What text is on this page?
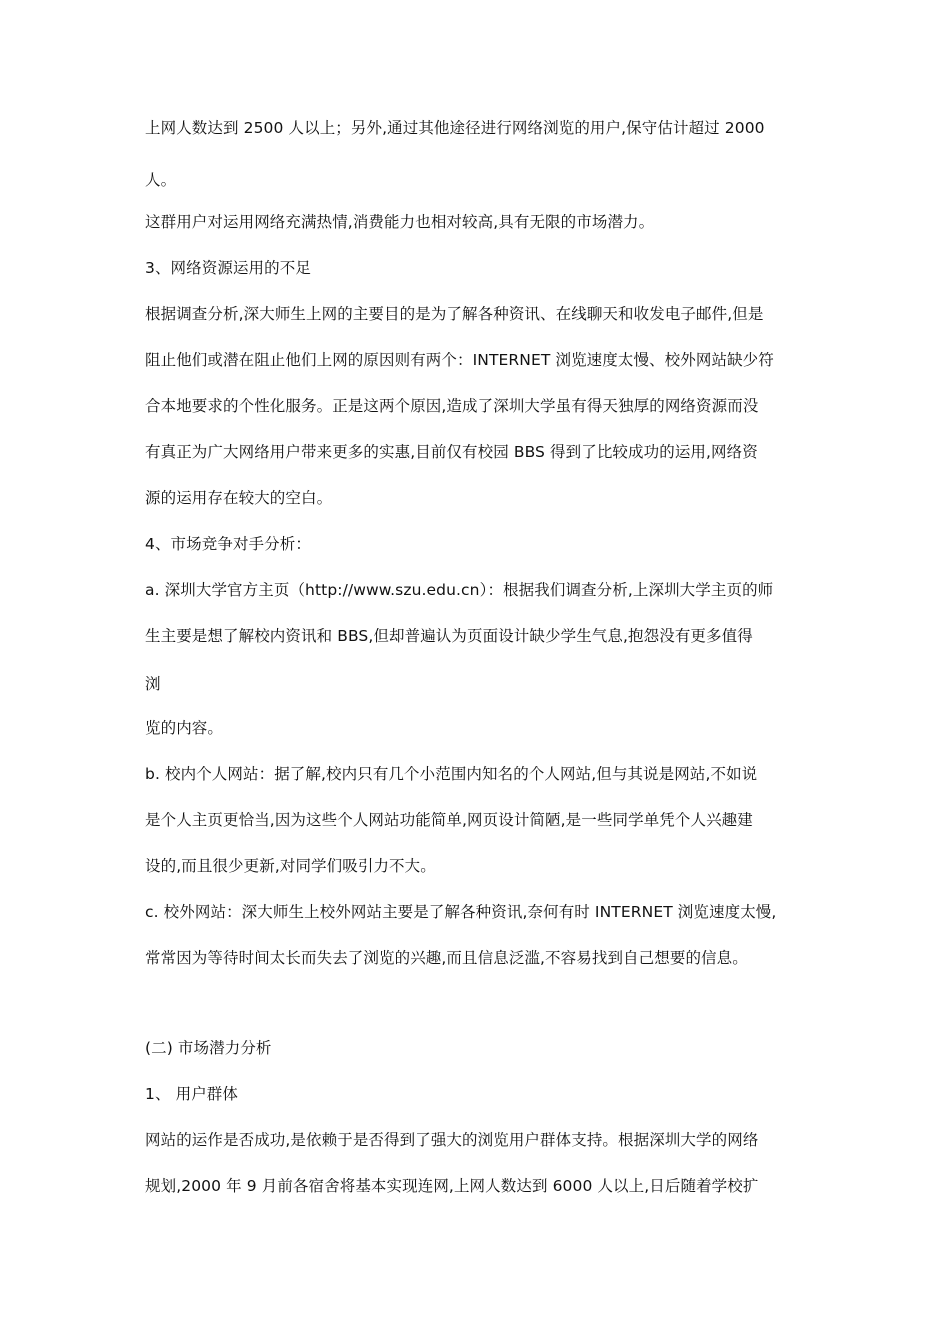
上网人数达到 2500 人以上；另外,通过其他途径进行网络浏览的用户,保守估计超过 2000
人。
这群用户对运用网络充满热情,消费能力也相对较高,具有无限的市场潜力。
3、网络资源运用的不足
根据调查分析,深大师生上网的主要目的是为了解各种资讯、在线聊天和收发电子邮件,但是
阻止他们或潜在阻止他们上网的原因则有两个：INTERNET 浏览速度太慢、校外网站缺少符
合本地要求的个性化服务。正是这两个原因,造成了深圳大学虽有得天独厚的网络资源而没
有真正为广大网络用户带来更多的实惠,目前仅有校园 BBS 得到了比较成功的运用,网络资
源的运用存在较大的空白。
4、市场竞争对手分析：
a. 深圳大学官方主页（http://www.szu.edu.cn）：根据我们调查分析,上深圳大学主页的师
生主要是想了解校内资讯和 BBS,但却普遍认为页面设计缺少学生气息,抱怨没有更多值得
浏
览的内容。
b. 校内个人网站：据了解,校内只有几个小范围内知名的个人网站,但与其说是网站,不如说
是个人主页更恰当,因为这些个人网站功能简单,网页设计简陋,是一些同学单凭个人兴趣建
设的,而且很少更新,对同学们吸引力不大。
c. 校外网站：深大师生上校外网站主要是了解各种资讯,奈何有时 INTERNET 浏览速度太慢,
常常因为等待时间太长而失去了浏览的兴趣,而且信息泛滥,不容易找到自己想要的信息。
(二) 市场潜力分析
1、 用户群体
网站的运作是否成功,是依赖于是否得到了强大的浏览用户群体支持。根据深圳大学的网络
规划,2000 年 9 月前各宿舍将基本实现连网,上网人数达到 6000 人以上,日后随着学校扩
